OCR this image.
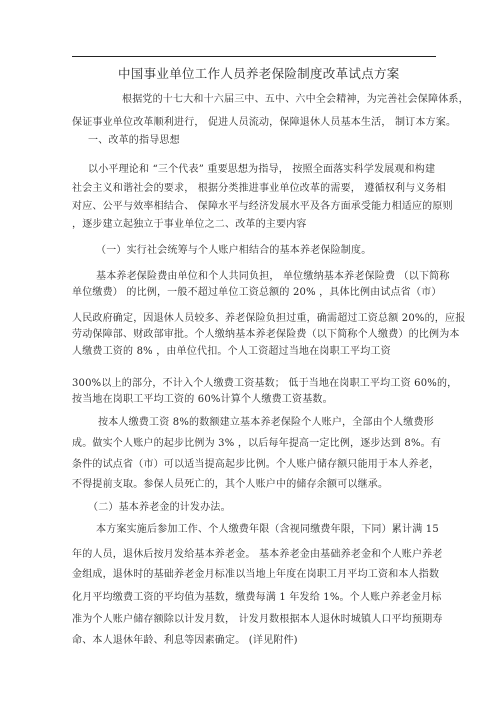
中国事业单位工作人员养老保险制度改革试点方案
根据党的十七大和十六届三中、五中、六中全会精神，为完善社会保障体系，
保证事业单位改革顺利进行， 促进人员流动，保障退休人员基本生活， 制订本方案。
一、改革的指导思想
以小平理论和 “三个代表” 重要思想为指导， 按照全面落实科学发展观和构建
社会主义和谐社会的要求， 根据分类推进事业单位改革的需要， 遵循权利与义务相
对应、公平与效率相结合、 保障水平与经济发展水平及各方面承受能力相适应的原则
，逐步建立起独立于事业单位之二、改革的主要内容
（一）实行社会统筹与个人账户相结合的基本养老保险制度。
基本养老保险费由单位和个人共同负担， 单位缴纳基本养老保险费 （以下简称
单位缴费） 的比例，一般不超过单位工资总额的 20% ，具体比例由试点省（市）
人民政府确定，因退休人员较多、养老保险负担过重，确需超过工资总额 20%的，应报
劳动保障部、财政部审批。个人缴纳基本养老保险费（以下简称个人缴费）的比例为本
人缴费工资的 8% ，由单位代扣。个人工资超过当地在岗职工平均工资
300%以上的部分，不计入个人缴费工资基数； 低于当地在岗职工平均工资 60%的，
按当地在岗职工平均工资的 60%计算个人缴费工资基数。
按本人缴费工资 8%的数额建立基本养老保险个人账户，全部由个人缴费形
成。做实个人账户的起步比例为 3% ，以后每年提高一定比例，逐步达到 8%。有
条件的试点省（市）可以适当提高起步比例。个人账户储存额只能用于本人养老，
不得提前支取。参保人员死亡的，其个人账户中的储存余额可以继承。
（二）基本养老金的计发办法。
本方案实施后参加工作、个人缴费年限（含视同缴费年限，下同）累计满 15
年的人员，退休后按月发给基本养老金。 基本养老金由基础养老金和个人账户养老
金组成，退休时的基础养老金月标准以当地上年度在岗职工月平均工资和本人指数
化月平均缴费工资的平均值为基数，缴费每满 1 年发给 1%。个人账户养老金月标
准为个人账户储存额除以计发月数， 计发月数根据本人退休时城镇人口平均预期寿
命、本人退休年龄、利息等因素确定。 (详见附件)
